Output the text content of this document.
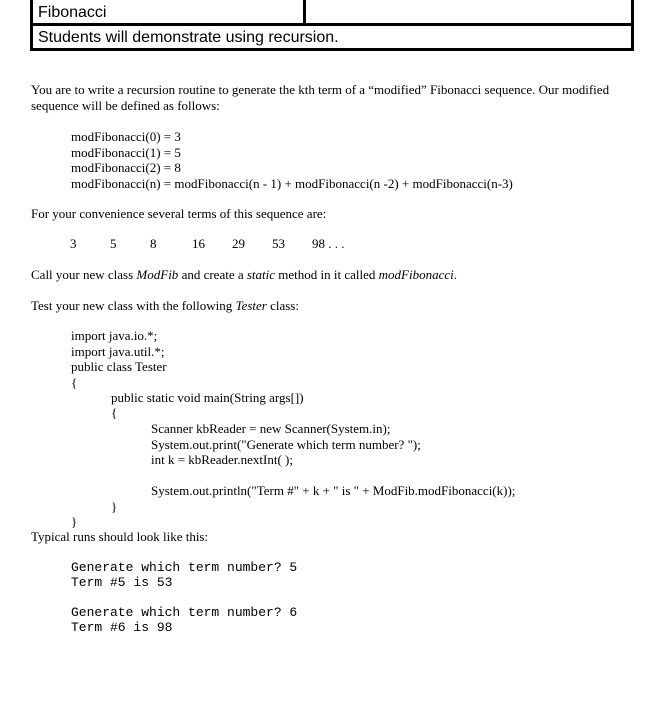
Fibonacci
Students will demonstrate using recursion.
You are to write a recursion routine to generate the kth term of a “modified” Fibonacci sequence. Our modified
sequence will be defined as follows:
modFibonacci(0) = 3
modFibonacci(1) = 5
modFibonacci(2) = 8
modFibonacci(n) = modFibonacci(n - 1) + modFibonacci(n -2) + modFibonacci(n-3)
For your convenience several terms of this sequence are:
3	5	8	16 29 53 98 . . .
Call your new class ModFib and create a static method in it called modFibonacci.
Test your new class with the following Tester class:
import java.io.*;
import java.util.*;
public class Tester
{
public static void main(String args[])
{
Scanner kbReader = new Scanner(System.in);
System.out.print("Generate which term number? ");
int k = kbReader.nextInt( );
System.out.println("Term #" + k + " is " + ModFib.modFibonacci(k));
}
}
Typical runs should look like this:
Generate which term number? 5
Term #5 is 53
Generate which term number? 6
Term #6 is 98
